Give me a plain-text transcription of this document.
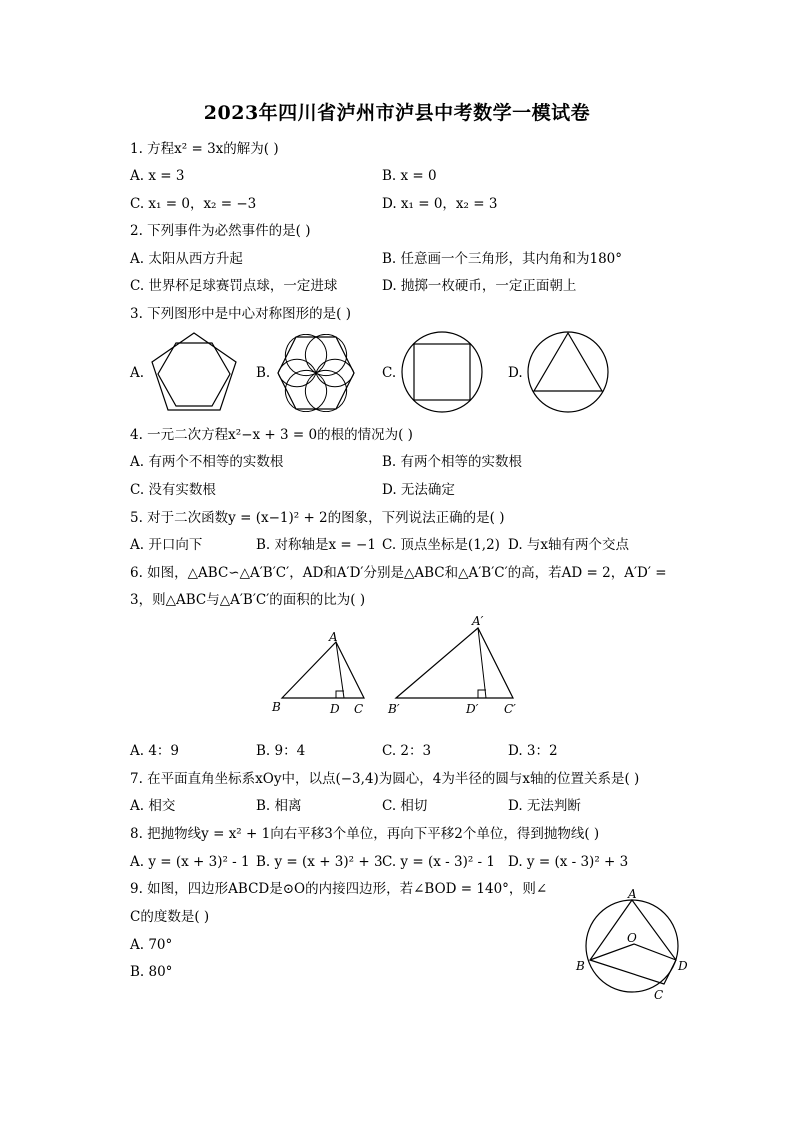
2023年四川省泸州市泸县中考数学一模试卷
1. 方程x² = 3x的解为( )
A. x = 3	B. x = 0
C. x₁ = 0，x₂ = −3	D. x₁ = 0，x₂ = 3
2. 下列事件为必然事件的是( )
A. 太阳从西方升起	B. 任意画一个三角形，其内角和为180°
C. 世界杯足球赛罚点球，一定进球	D. 抛掷一枚硬币，一定正面朝上
3. 下列图形中是中心对称图形的是( )
A.	B.	C.	D.
4. 一元二次方程x²−x + 3 = 0的根的情况为( )
A. 有两个不相等的实数根	B. 有两个相等的实数根
C. 没有实数根	D. 无法确定
5. 对于二次函数y = (x−1)² + 2的图象，下列说法正确的是( )
A. 开口向下	B. 对称轴是x = −1 C. 顶点坐标是(1,2) D. 与x轴有两个交点
6. 如图，△ABC∽△A′B′C′，AD和A′D′分别是△ABC和△A′B′C′的高，若AD = 2，A′D′ =
3，则△ABC与△A′B′C′的面积的比为( )
A
B	D C
A′
B′	D′ C′
A. 4：9	B. 9：4	C. 2：3	D. 3：2
7. 在平面直角坐标系xOy中，以点(−3,4)为圆心，4为半径的圆与x轴的位置关系是( )
A. 相交	B. 相离	C. 相切	D. 无法判断
8. 把抛物线y = x² + 1向右平移3个单位，再向下平移2个单位，得到抛物线( )
A. y = (x + 3)² - 1 B. y = (x + 3)² + 3 C. y = (x - 3)² - 1 D. y = (x - 3)² + 3
9. 如图，四边形ABCD是⊙O的内接四边形，若∠BOD = 140°，则∠
C的度数是( )
A. 70°
B. 80°
A
O
B	D
C
